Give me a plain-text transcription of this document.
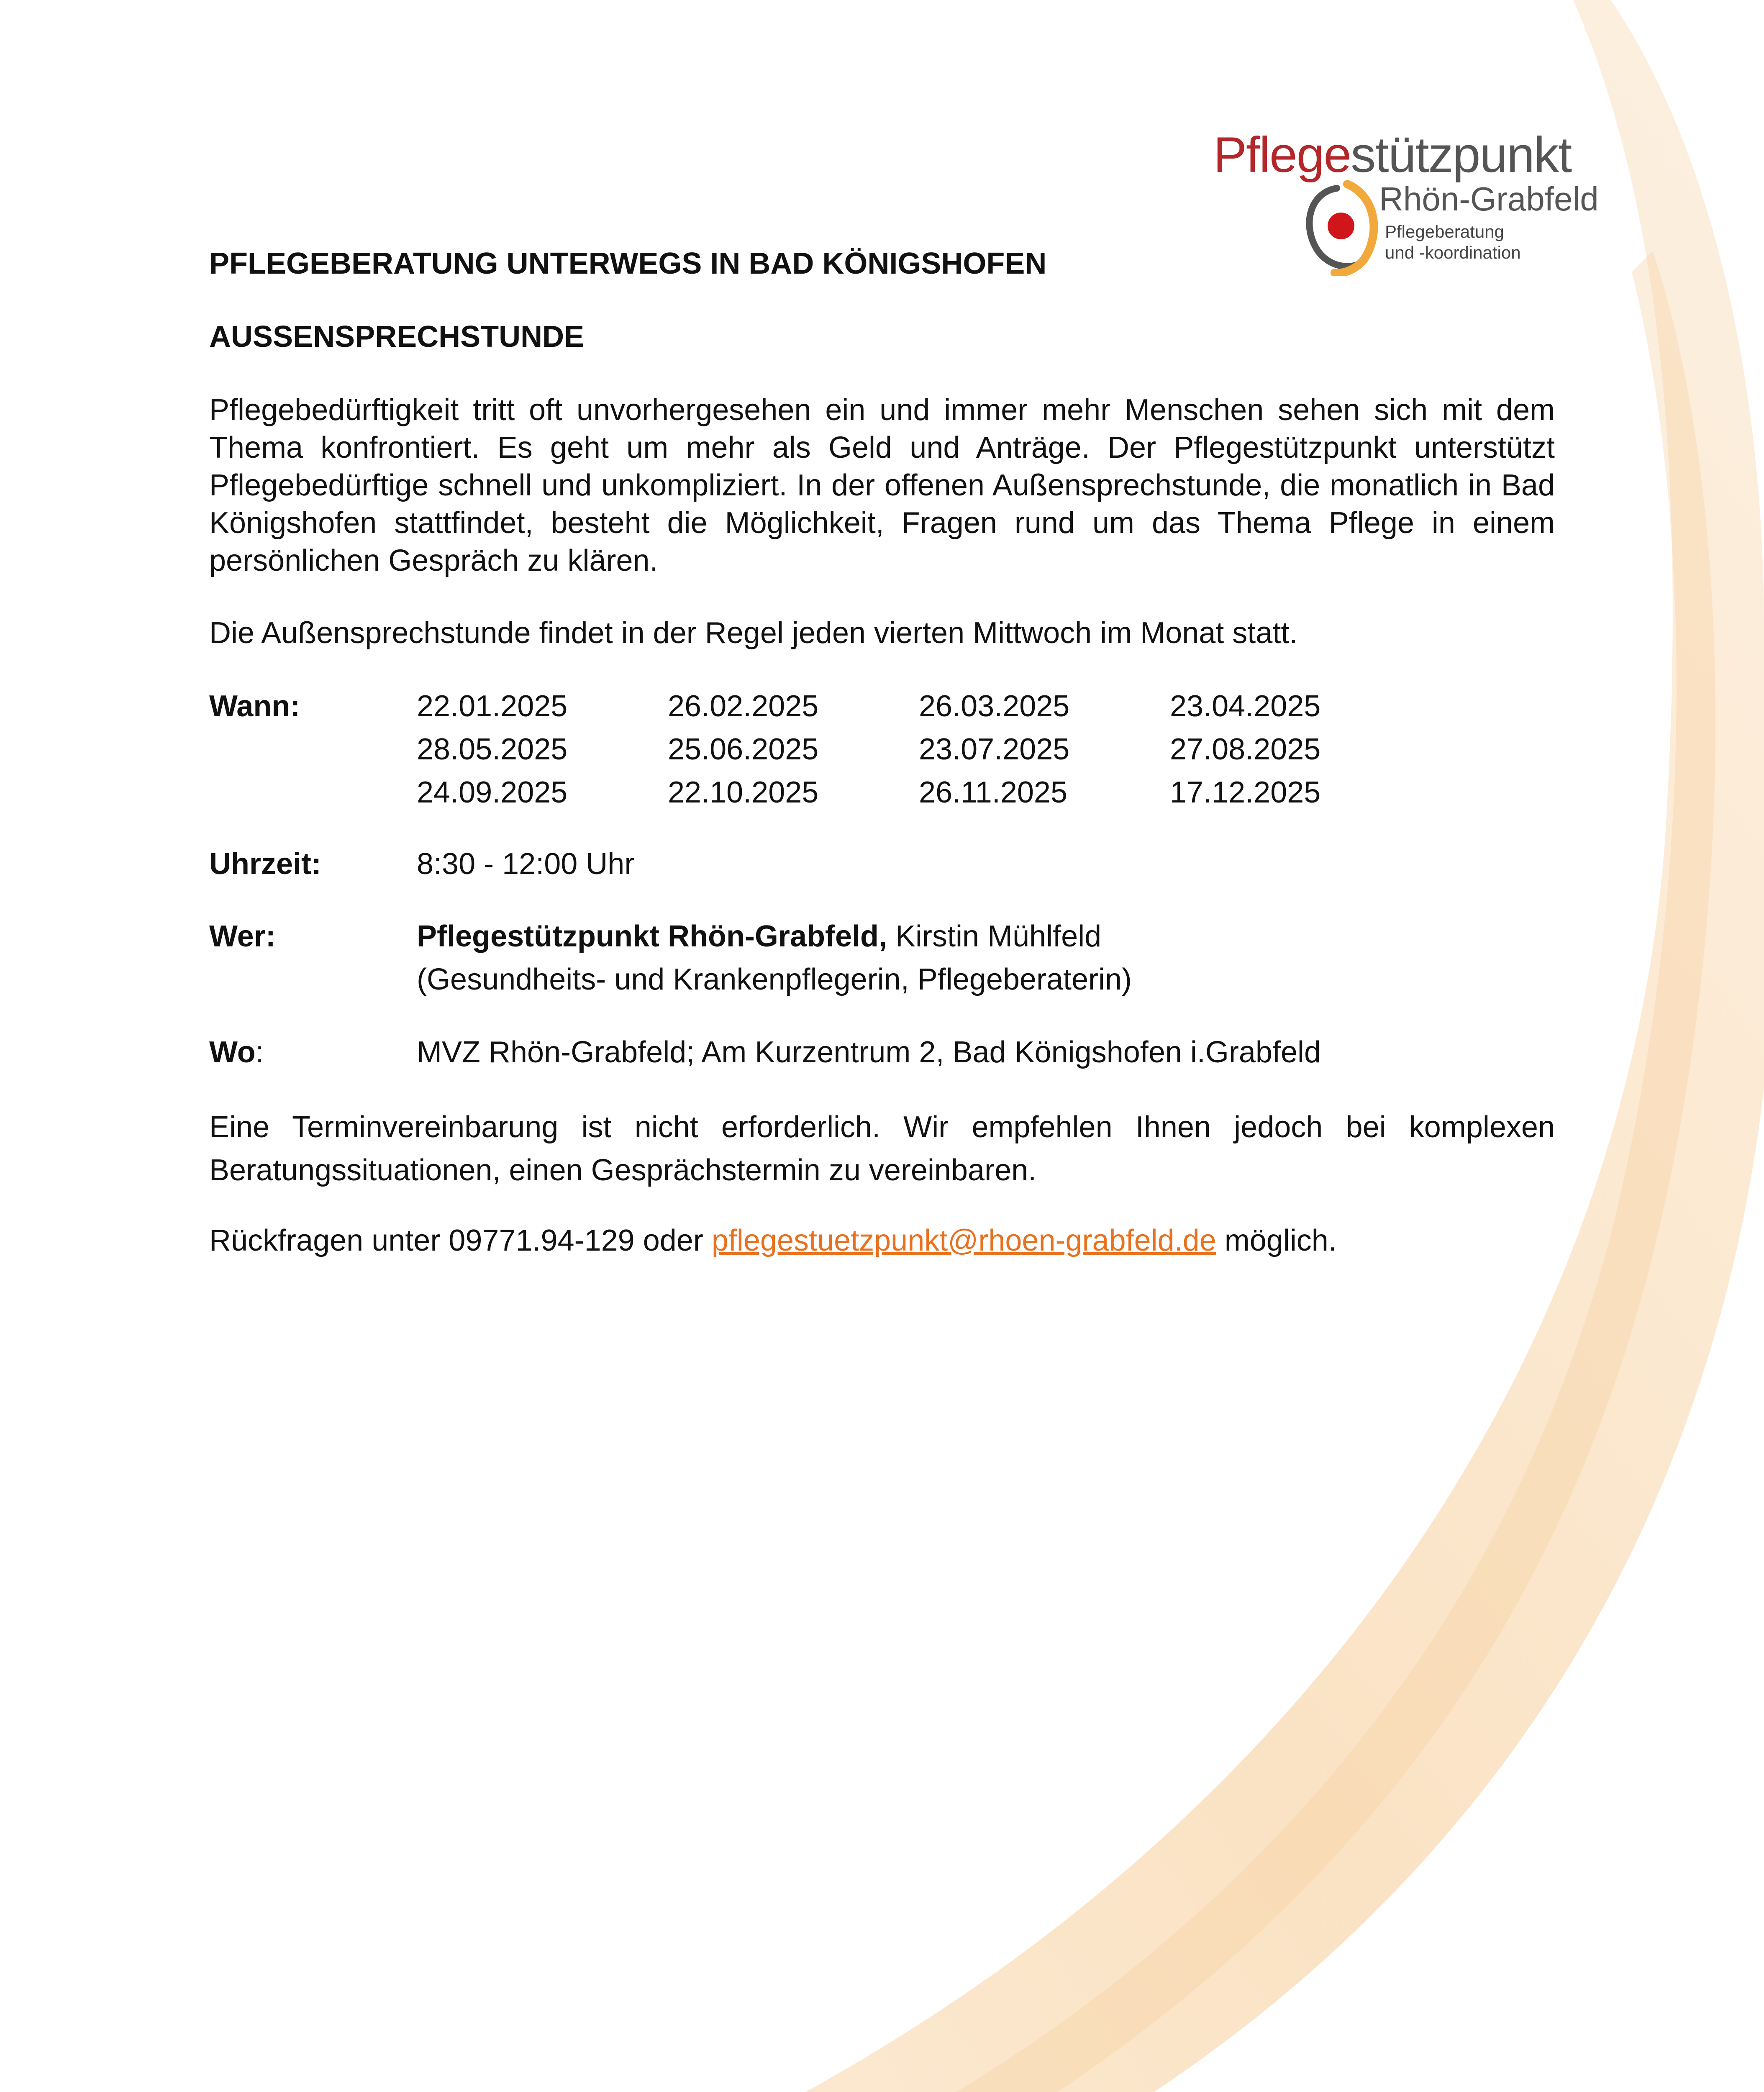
Pflegestützpunkt
Rhön-Grabfeld
Pflegeberatung
und -koordination
PFLEGEBERATUNG UNTERWEGS IN BAD KÖNIGSHOFEN
AUSSENSPRECHSTUNDE
Pflegebedürftigkeit tritt oft unvorhergesehen ein und immer mehr Menschen sehen sich mit dem Thema konfrontiert. Es geht um mehr als Geld und Anträge. Der Pflegestützpunkt unterstützt Pflegebedürftige schnell und unkompliziert. In der offenen Außensprechstunde, die monatlich in Bad Königshofen stattfindet, besteht die Möglichkeit, Fragen rund um das Thema Pflege in einem persönlichen Gespräch zu klären.
Die Außensprechstunde findet in der Regel jeden vierten Mittwoch im Monat statt.
Wann:	22.01.2025	26.02.2025	26.03.2025	23.04.2025
28.05.2025	25.06.2025	23.07.2025	27.08.2025
24.09.2025	22.10.2025	26.11.2025	17.12.2025
Uhrzeit:	8:30 - 12:00 Uhr
Wer:	Pflegestützpunkt Rhön-Grabfeld, Kirstin Mühlfeld
(Gesundheits- und Krankenpflegerin, Pflegeberaterin)
Wo:	MVZ Rhön-Grabfeld; Am Kurzentrum 2, Bad Königshofen i.Grabfeld
Eine Terminvereinbarung ist nicht erforderlich. Wir empfehlen Ihnen jedoch bei komplexen Beratungssituationen, einen Gesprächstermin zu vereinbaren.
Rückfragen unter 09771.94-129 oder pflegestuetzpunkt@rhoen-grabfeld.de möglich.
